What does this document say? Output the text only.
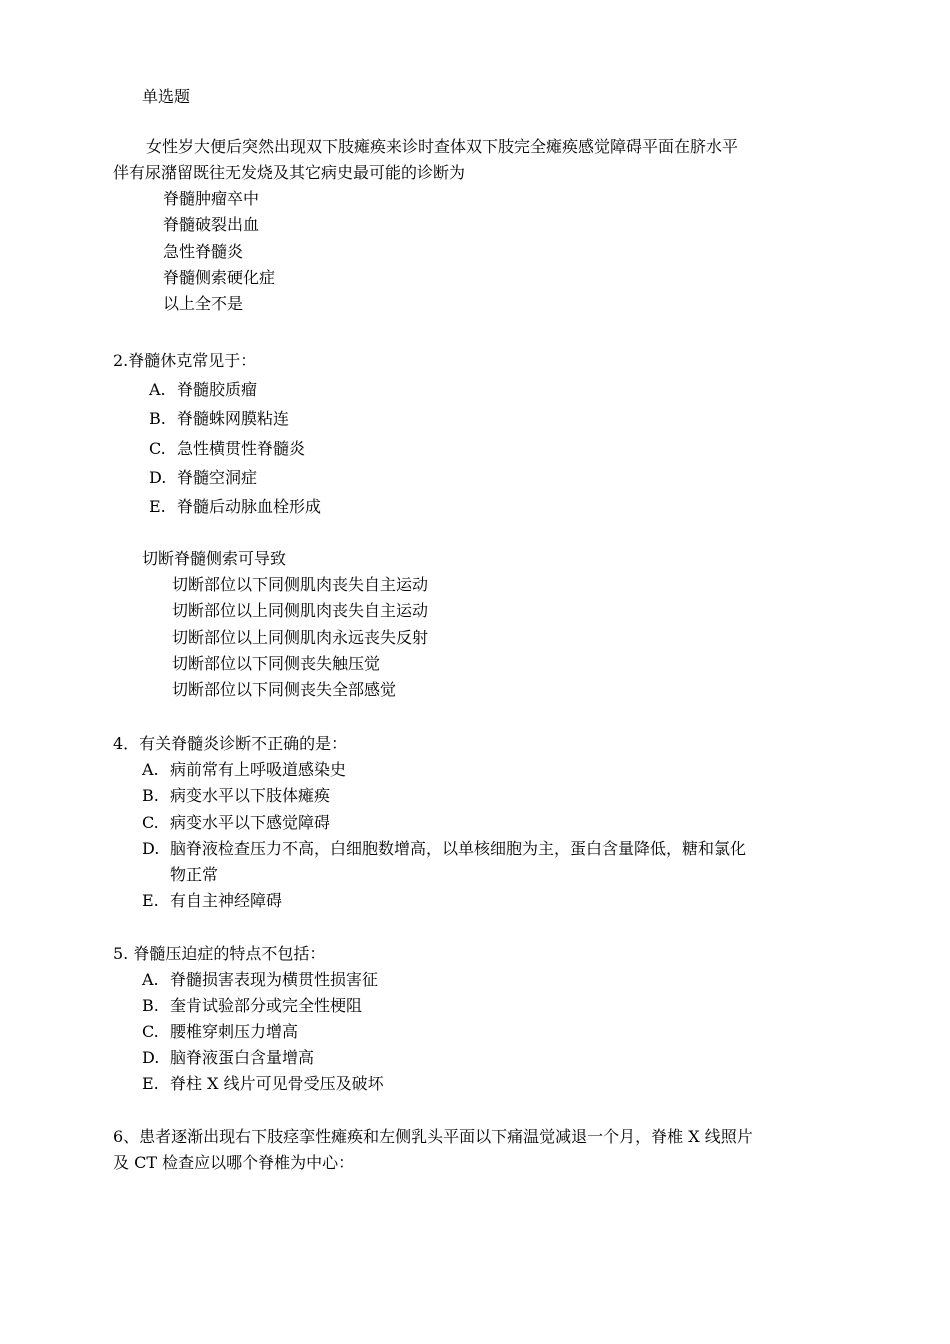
单选题
女性岁大便后突然出现双下肢瘫痪来诊时查体双下肢完全瘫痪感觉障碍平面在脐水平
伴有尿潴留既往无发烧及其它病史最可能的诊断为
脊髓肿瘤卒中
脊髓破裂出血
急性脊髓炎
脊髓侧索硬化症
以上全不是
2.脊髓休克常见于：
A. 脊髓胶质瘤
B. 脊髓蛛网膜粘连
C. 急性横贯性脊髓炎
D. 脊髓空洞症
E. 脊髓后动脉血栓形成
切断脊髓侧索可导致
切断部位以下同侧肌肉丧失自主运动
切断部位以上同侧肌肉丧失自主运动
切断部位以上同侧肌肉永远丧失反射
切断部位以下同侧丧失触压觉
切断部位以下同侧丧失全部感觉
4．有关脊髓炎诊断不正确的是：
A. 病前常有上呼吸道感染史
B. 病变水平以下肢体瘫痪
C. 病变水平以下感觉障碍
D. 脑脊液检查压力不高，白细胞数增高，以单核细胞为主，蛋白含量降低，糖和氯化
物正常
E. 有自主神经障碍
5. 脊髓压迫症的特点不包括：
A. 脊髓损害表现为横贯性损害征
B. 奎肯试验部分或完全性梗阻
C. 腰椎穿刺压力增高
D. 脑脊液蛋白含量增高
E. 脊柱 X 线片可见骨受压及破坏
6、患者逐渐出现右下肢痉挛性瘫痪和左侧乳头平面以下痛温觉减退一个月，脊椎 X 线照片
及 CT 检查应以哪个脊椎为中心：
